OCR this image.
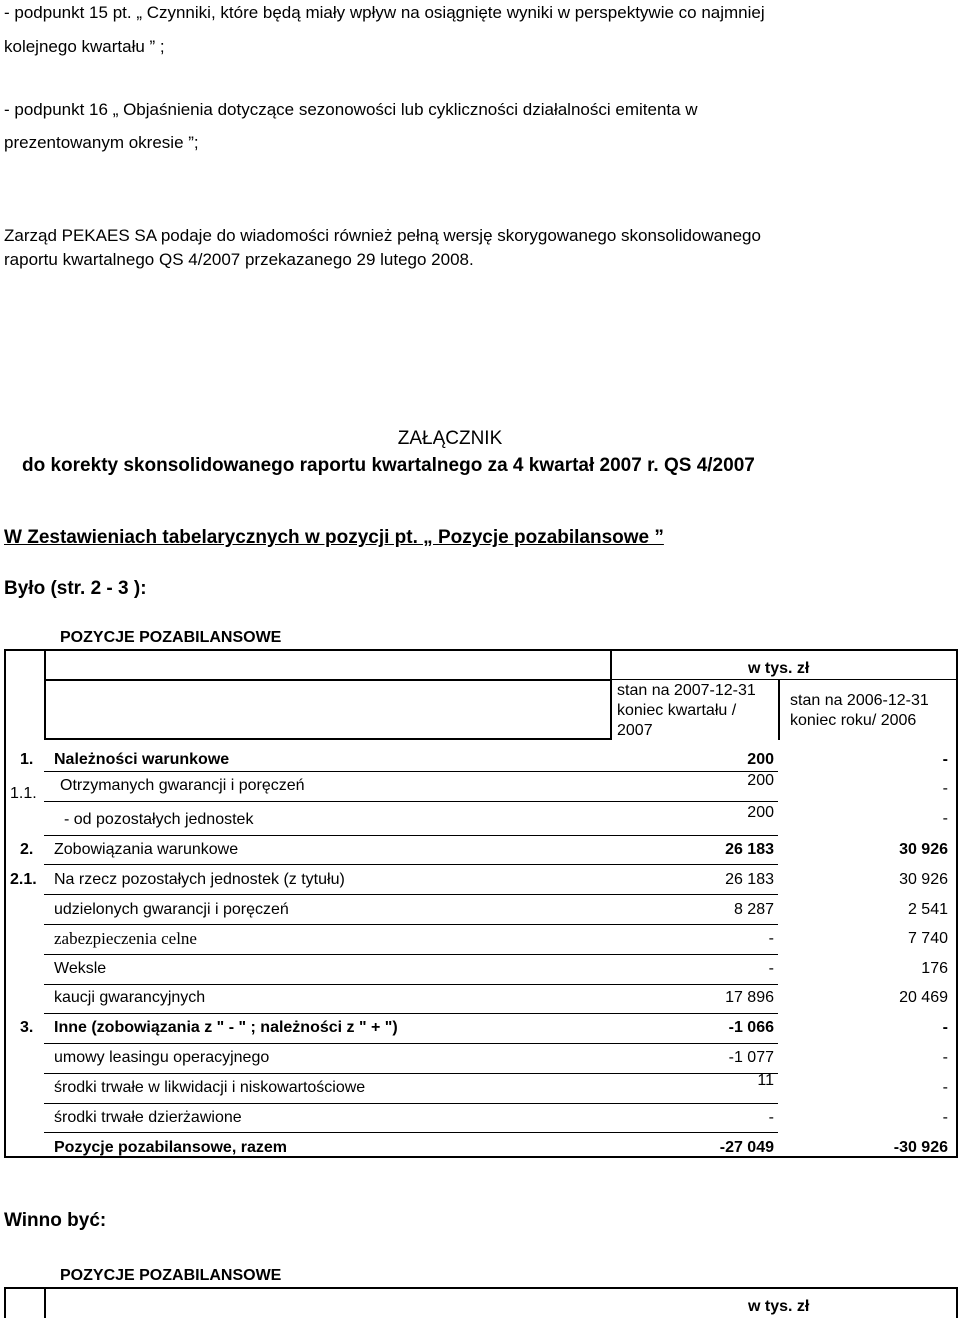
- podpunkt 15 pt. „ Czynniki, które będą miały wpływ na osiągnięte wyniki w perspektywie co najmniej
kolejnego kwartału ” ;
- podpunkt 16 „ Objaśnienia dotyczące sezonowości lub cykliczności działalności emitenta w
prezentowanym okresie ”;
Zarząd PEKAES SA podaje do wiadomości również pełną wersję skorygowanego skonsolidowanego
raportu kwartalnego QS 4/2007 przekazanego 29 lutego 2008.
ZAŁĄCZNIK
do korekty skonsolidowanego raportu kwartalnego za 4 kwartał 2007 r. QS 4/2007
W Zestawieniach tabelarycznych w pozycji pt. „ Pozycje pozabilansowe ”
Było (str. 2 - 3 ):
POZYCJE POZABILANSOWE
w tys. zł
stan na 2007-12-31
koniec kwartału /
2007
stan na 2006-12-31
koniec roku/ 2006
1. Należności warunkowe	200	-
1.1. Otrzymanych gwarancji i poręczeń	200	-
- od pozostałych jednostek	200	-
2. Zobowiązania warunkowe	26 183	30 926
2.1. Na rzecz pozostałych jednostek (z tytułu)	26 183	30 926
udzielonych gwarancji i poręczeń	8 287	2 541
zabezpieczenia celne	-	7 740
Weksle	-	176
kaucji gwarancyjnych	17 896	20 469
3. Inne (zobowiązania z " - " ; należności z " + ")	-1 066	-
umowy leasingu operacyjnego	-1 077	-
środki trwałe w likwidacji i niskowartościowe	11	-
środki trwałe dzierżawione	-	-
Pozycje pozabilansowe, razem	-27 049	-30 926
Winno być:
POZYCJE POZABILANSOWE
w tys. zł
